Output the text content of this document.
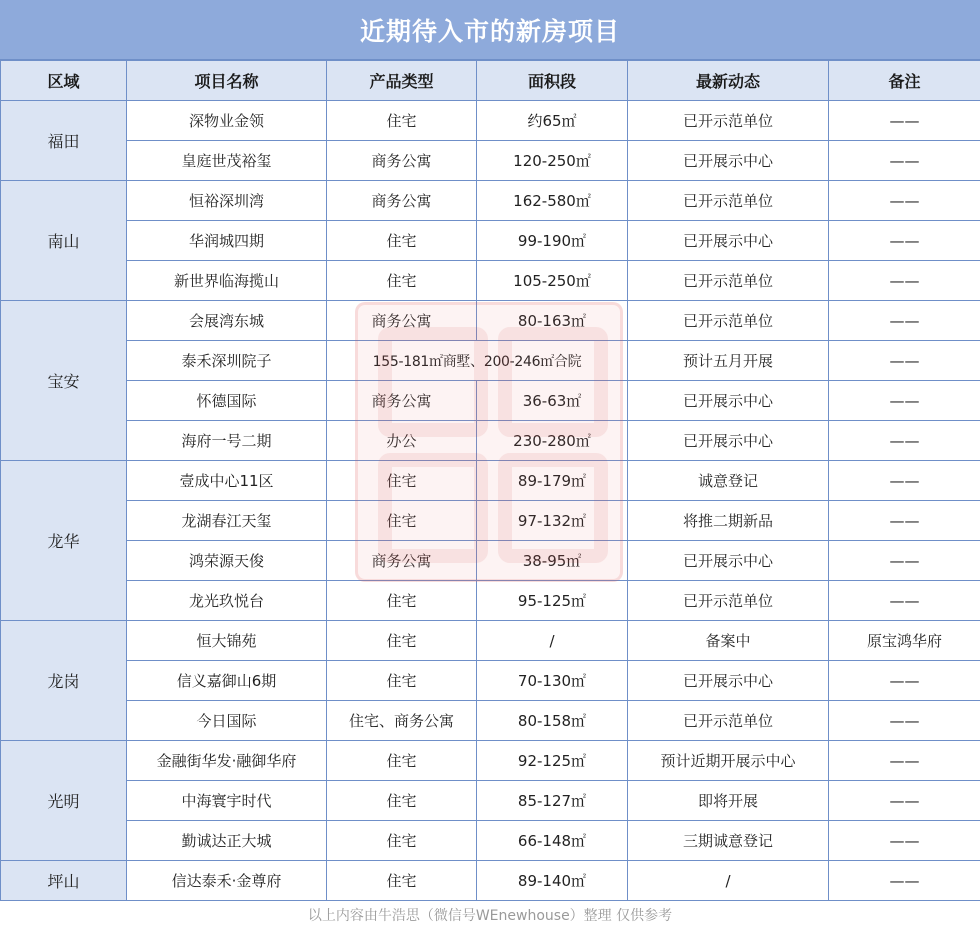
近期待入市的新房项目
区域	项目名称	产品类型	面积段	最新动态	备注
福田	深物业金领	住宅	约65㎡	已开示范单位	——
	皇庭世茂裕玺	商务公寓	120-250㎡	已开展示中心	——
南山	恒裕深圳湾	商务公寓	162-580㎡	已开示范单位	——
	华润城四期	住宅	99-190㎡	已开展示中心	——
	新世界临海揽山	住宅	105-250㎡	已开示范单位	——
宝安	会展湾东城	商务公寓	80-163㎡	已开示范单位	——
	泰禾深圳院子	155-181㎡商墅、200-246㎡合院		预计五月开展	——
	怀德国际	商务公寓	36-63㎡	已开展示中心	——
	海府一号二期	办公	230-280㎡	已开展示中心	——
龙华	壹成中心11区	住宅	89-179㎡	诚意登记	——
	龙湖春江天玺	住宅	97-132㎡	将推二期新品	——
	鸿荣源天俊	商务公寓	38-95㎡	已开展示中心	——
	龙光玖悦台	住宅	95-125㎡	已开示范单位	——
龙岗	恒大锦苑	住宅	/	备案中	原宝鸿华府
	信义嘉御山6期	住宅	70-130㎡	已开展示中心	——
	今日国际	住宅、商务公寓	80-158㎡	已开示范单位	——
光明	金融街华发·融御华府	住宅	92-125㎡	预计近期开展示中心	——
	中海寰宇时代	住宅	85-127㎡	即将开展	——
	勤诚达正大城	住宅	66-148㎡	三期诚意登记	——
坪山	信达泰禾·金尊府	住宅	89-140㎡	/	——
以上内容由牛浩思（微信号WEnewhouse）整理 仅供参考
